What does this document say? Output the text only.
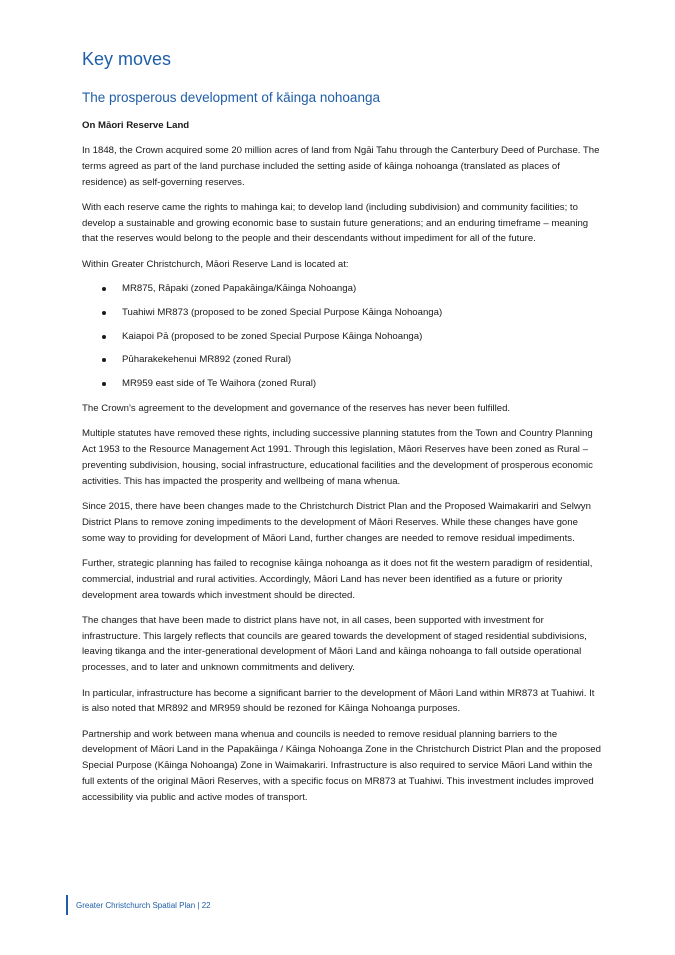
Key moves
The prosperous development of kāinga nohoanga
On Māori Reserve Land

In 1848, the Crown acquired some 20 million acres of land from Ngāi Tahu through the Canterbury Deed of Purchase. The terms agreed as part of the land purchase included the setting aside of kāinga nohoanga (translated as places of residence) as self-governing reserves.

With each reserve came the rights to mahinga kai; to develop land (including subdivision) and community facilities; to develop a sustainable and growing economic base to sustain future generations; and an enduring timeframe – meaning that the reserves would belong to the people and their descendants without impediment for all of the future.

Within Greater Christchurch, Māori Reserve Land is located at:

MR875, Rāpaki (zoned Papakāinga/Kāinga Nohoanga)
Tuahiwi MR873 (proposed to be zoned Special Purpose Kāinga Nohoanga)
Kaiapoi Pā (proposed to be zoned Special Purpose Kāinga Nohoanga)
Pūharakekehenui MR892 (zoned Rural)
MR959 east side of Te Waihora (zoned Rural)

The Crown’s agreement to the development and governance of the reserves has never been fulfilled.

Multiple statutes have removed these rights, including successive planning statutes from the Town and Country Planning Act 1953 to the Resource Management Act 1991. Through this legislation, Māori Reserves have been zoned as Rural – preventing subdivision, housing, social infrastructure, educational facilities and the development of prosperous economic activities. This has impacted the prosperity and wellbeing of mana whenua.

Since 2015, there have been changes made to the Christchurch District Plan and the Proposed Waimakariri and Selwyn District Plans to remove zoning impediments to the development of Māori Reserves. While these changes have gone some way to providing for development of Māori Land, further changes are needed to remove residual impediments.

Further, strategic planning has failed to recognise kāinga nohoanga as it does not fit the western paradigm of residential, commercial, industrial and rural activities. Accordingly, Māori Land has never been identified as a future or priority development area towards which investment should be directed.

The changes that have been made to district plans have not, in all cases, been supported with investment for infrastructure. This largely reflects that councils are geared towards the development of staged residential subdivisions, leaving tikanga and the inter-generational development of Māori Land and kāinga nohoanga to fall outside operational processes, and to later and unknown commitments and delivery.

In particular, infrastructure has become a significant barrier to the development of Māori Land within MR873 at Tuahiwi. It is also noted that MR892 and MR959 should be rezoned for Kāinga Nohoanga purposes.

Partnership and work between mana whenua and councils is needed to remove residual planning barriers to the development of Māori Land in the Papakāinga / Kāinga Nohoanga Zone in the Christchurch District Plan and the proposed Special Purpose (Kāinga Nohoanga) Zone in Waimakariri. Infrastructure is also required to service Māori Land within the full extents of the original Māori Reserves, with a specific focus on MR873 at Tuahiwi. This investment includes improved accessibility via public and active modes of transport.

Greater Christchurch Spatial Plan | 22
